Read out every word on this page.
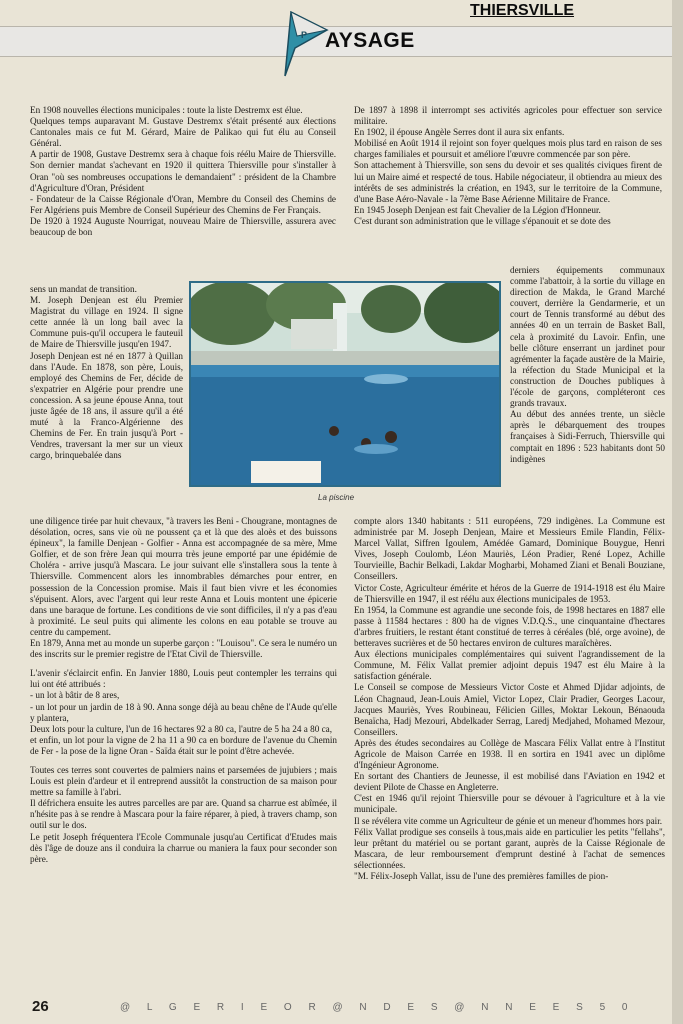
P AYSAGE
THIERSVILLE

En 1908 nouvelles élections municipales : toute la liste Destremx est élue.

Quelques temps auparavant M. Gustave Destremx s'était présenté aux élections Cantonales mais ce fut M. Gérard, Maire de Palikao qui fut élu au Conseil Général.

A partir de 1908, Gustave Destremx sera à chaque fois réélu Maire de Thiersville. Son dernier mandat s'achevant en 1920 il quittera Thiersville pour s'installer à Oran "où ses nombreuses occupations le demandaient" : président de la Chambre d'Agriculture d'Oran, Président

- Fondateur de la Caisse Régionale d'Oran, Membre du Conseil des Chemins de Fer Algériens puis Membre de Conseil Supérieur des Chemins de Fer Français.

De 1920 à 1924 Auguste Nourrigat, nouveau Maire de Thiersville, assurera avec beaucoup de bon

sens un mandat de transition.

M. Joseph Denjean est élu Premier Magistrat du village en 1924. Il signe cette année là un long bail avec la Commune puis-qu'il occupera le fauteuil de Maire de Thiersville jusqu'en 1947.

Joseph Denjean est né en 1877 à Quillan dans l'Aude. En 1878, son père, Louis, employé des Chemins de Fer, décide de s'expatrier en Algérie pour prendre une concession. A sa jeune épouse Anna, tout juste âgée de 18 ans, il assure qu'il a été muté à la Franco-Algérienne des Chemins de Fer. En train jusqu'à Port - Vendres, traversant la mer sur un vieux cargo, brinquebalée dans

La piscine

une diligence tirée par huit chevaux, "à travers les Beni - Chougrane, montagnes de désolation, ocres, sans vie où ne poussent ça et là que des aloès et des buissons épineux", la famille Denjean - Golfier - Anna est accompagnée de sa mère, Mme Golfier, et de son frère Jean qui mourra très jeune emporté par une épidémie de Choléra - arrive jusqu'à Mascara. Le jour suivant elle s'installera sous la tente à Thiersville. Commencent alors les innombrables démarches pour entrer, en possession de la Concession promise. Mais il faut bien vivre et les économies s'épuisent. Alors, avec l'argent qui leur reste Anna et Louis montent une épicerie dans une baraque de fortune. Les conditions de vie sont difficiles, il n'y a pas d'eau à proximité. Le seul puits qui alimente les colons en eau potable se trouve au centre du campement.

En 1879, Anna met au monde un superbe garçon : "Louisou". Ce sera le numéro un des inscrits sur le premier registre de l'Etat Civil de Thiersville.

L'avenir s'éclaircit enfin. En Janvier 1880, Louis peut contempler les terrains qui lui ont été attribués :

- un lot à bâtir de 8 ares,

- un lot pour un jardin de 18 à 90. Anna songe déjà au beau chêne de l'Aude qu'elle y plantera,

Deux lots pour la culture, l'un de 16 hectares 92 a 80 ca, l'autre de 5 ha 24 a 80 ca,

et enfin, un lot pour la vigne de 2 ha 11 a 90 ca en bordure de l'avenue du Chemin de Fer - la pose de la ligne Oran - Saïda était sur le point d'être achevée.

Toutes ces terres sont couvertes de palmiers nains et parsemées de jujubiers ; mais Louis est plein d'ardeur et il entreprend aussitôt la construction de sa maison pour mettre sa famille à l'abri.

Il défrichera ensuite les autres parcelles are par are. Quand sa charrue est abîmée, il n'hésite pas à se rendre à Mascara pour la faire réparer, à pied, à travers champ, son outil sur le dos.

Le petit Joseph fréquentera l'Ecole Communale jusqu'au Certificat d'Etudes mais dès l'âge de douze ans il conduira la charrue ou maniera la faux pour seconder son père.

De 1897 à 1898 il interrompt ses activités agricoles pour effectuer son service militaire.

En 1902, il épouse Angèle Serres dont il aura six enfants.

Mobilisé en Août 1914 il rejoint son foyer quelques mois plus tard en raison de ses charges familiales et poursuit et améliore l'œuvre commencée par son père.

Son attachement à Thiersville, son sens du devoir et ses qualités civiques firent de lui un Maire aimé et respecté de tous. Habile négociateur, il obtiendra au mieux des intérêts de ses administrés la création, en 1943, sur le territoire de la Commune, d'une Base Aéro-Navale - la 7ème Base Aérienne Militaire de France.

En 1945 Joseph Denjean est fait Chevalier de la Légion d'Honneur.

C'est durant son administration que le village s'épanouit et se dote des

derniers équipements communaux comme l'abattoir, à la sortie du village en direction de Makda, le Grand Marché couvert, derrière la Gendarmerie, et un court de Tennis transformé au début des années 40 en un terrain de Basket Ball, cela à proximité du Lavoir. Enfin, une belle clôture enserrant un jardinet pour agrémenter la façade austère de la Mairie, la réfection du Stade Municipal et la construction de Douches publiques à l'école de garçons, compléteront ces grands travaux.

Au début des années trente, un siècle après le débarquement des troupes françaises à Sidi-Ferruch, Thiersville qui comptait en 1896 : 523 habitants dont 50 indigènes

compte alors 1340 habitants : 511 européens, 729 indigènes. La Commune est administrée par M. Joseph Denjean, Maire et Messieurs Emile Flandin, Félix-Marcel Vallat, Siffren Igoulem, Amédée Gamard, Dominique Bouygue, Henri Vives, Joseph Coulomb, Léon Mauriès, Léon Pradier, René Lopez, Achille Tourvieille, Bachir Belkadi, Lakdar Mogharbi, Mohamed Ziani et Benali Bouziane, Conseillers.

Victor Coste, Agriculteur émérite et héros de la Guerre de 1914-1918 est élu Maire de Thiersville en 1947, il est réélu aux élections municipales de 1953.

En 1954, la Commune est agrandie une seconde fois, de 1998 hectares en 1887 elle passe à 11584 hectares : 800 ha de vignes V.D.Q.S., une cinquantaine d'hectares d'arbres fruitiers, le restant étant constitué de terres à céréales (blé, orge avoine), de betteraves sucrières et de 50 hectares environ de cultures maraîchères.

Aux élections municipales complémentaires qui suivent l'agrandissement de la Commune, M. Félix Vallat premier adjoint depuis 1947 est élu Maire à la satisfaction générale.

Le Conseil se compose de Messieurs Victor Coste et Ahmed Djidar adjoints, de Léon Chagnaud, Jean-Louis Amiel, Victor Lopez, Clair Pradier, Georges Lacour, Jacques Mauriès, Yves Roubineau, Félicien Gilles, Moktar Lekoun, Bénaouda Benaïcha, Hadj Mezouri, Abdelkader Serrag, Laredj Medjahed, Mohamed Mezour, Conseillers.

Après des études secondaires au Collège de Mascara Félix Vallat entre à l'Institut Agricole de Maison Carrée en 1938. Il en sortira en 1941 avec un diplôme d'Ingénieur Agronome.

En sortant des Chantiers de Jeunesse, il est mobilisé dans l'Aviation en 1942 et devient Pilote de Chasse en Angleterre.

C'est en 1946 qu'il rejoint Thiersville pour se dévouer à l'agriculture et à la vie municipale.

Il se révélera vite comme un Agriculteur de génie et un meneur d'hommes hors pair.

Félix Vallat prodigue ses conseils à tous,mais aide en particulier les petits "fellahs", leur prêtant du matériel ou se portant garant, auprès de la Caisse Régionale de Mascara, de leur remboursement d'emprunt destiné à l'achat de semences sélectionnées.

"M. Félix-Joseph Vallat, issu de l'une des premières familles de pion-

26	@ L G E R I E O R @ N D E S @ N N E E S 5 0
